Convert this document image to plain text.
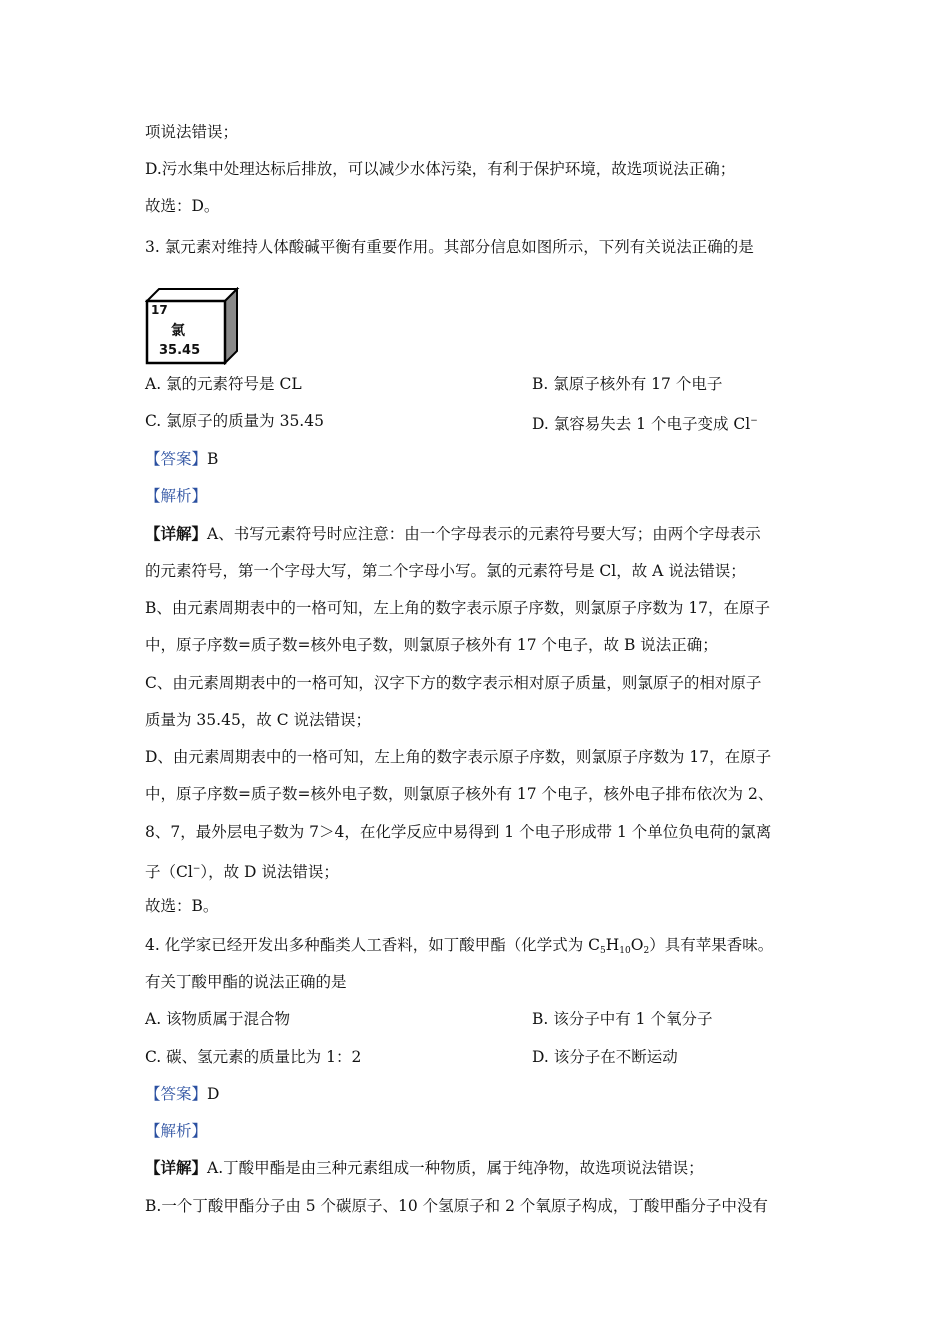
项说法错误；
D.污水集中处理达标后排放，可以减少水体污染，有利于保护环境，故选项说法正确；
故选：D。
3. 氯元素对维持人体酸碱平衡有重要作用。其部分信息如图所示，下列有关说法正确的是
17
氯
35.45
A. 氯的元素符号是 CL	B. 氯原子核外有 17 个电子
C. 氯原子的质量为 35.45	D. 氯容易失去 1 个电子变成 Cl−
【答案】B
【解析】
【详解】A、书写元素符号时应注意：由一个字母表示的元素符号要大写；由两个字母表示
的元素符号，第一个字母大写，第二个字母小写。氯的元素符号是 Cl，故 A 说法错误；
B、由元素周期表中的一格可知，左上角的数字表示原子序数，则氯原子序数为 17，在原子
中，原子序数=质子数=核外电子数，则氯原子核外有 17 个电子，故 B 说法正确；
C、由元素周期表中的一格可知，汉字下方的数字表示相对原子质量，则氯原子的相对原子
质量为 35.45，故 C 说法错误；
D、由元素周期表中的一格可知，左上角的数字表示原子序数，则氯原子序数为 17，在原子
中，原子序数=质子数=核外电子数，则氯原子核外有 17 个电子，核外电子排布依次为 2、
8、7，最外层电子数为 7＞4，在化学反应中易得到 1 个电子形成带 1 个单位负电荷的氯离
子（Cl−），故 D 说法错误；
故选：B。
4. 化学家已经开发出多种酯类人工香料，如丁酸甲酯（化学式为 $C_5H_{10}O_2$）具有苹果香味。
有关丁酸甲酯的说法正确的是
A. 该物质属于混合物	B. 该分子中有 1 个氧分子
C. 碳、氢元素的质量比为 1：2	D. 该分子在不断运动
【答案】D
【解析】
【详解】A.丁酸甲酯是由三种元素组成一种物质，属于纯净物，故选项说法错误；
B.一个丁酸甲酯分子由 5 个碳原子、10 个氢原子和 2 个氧原子构成，丁酸甲酯分子中没有
